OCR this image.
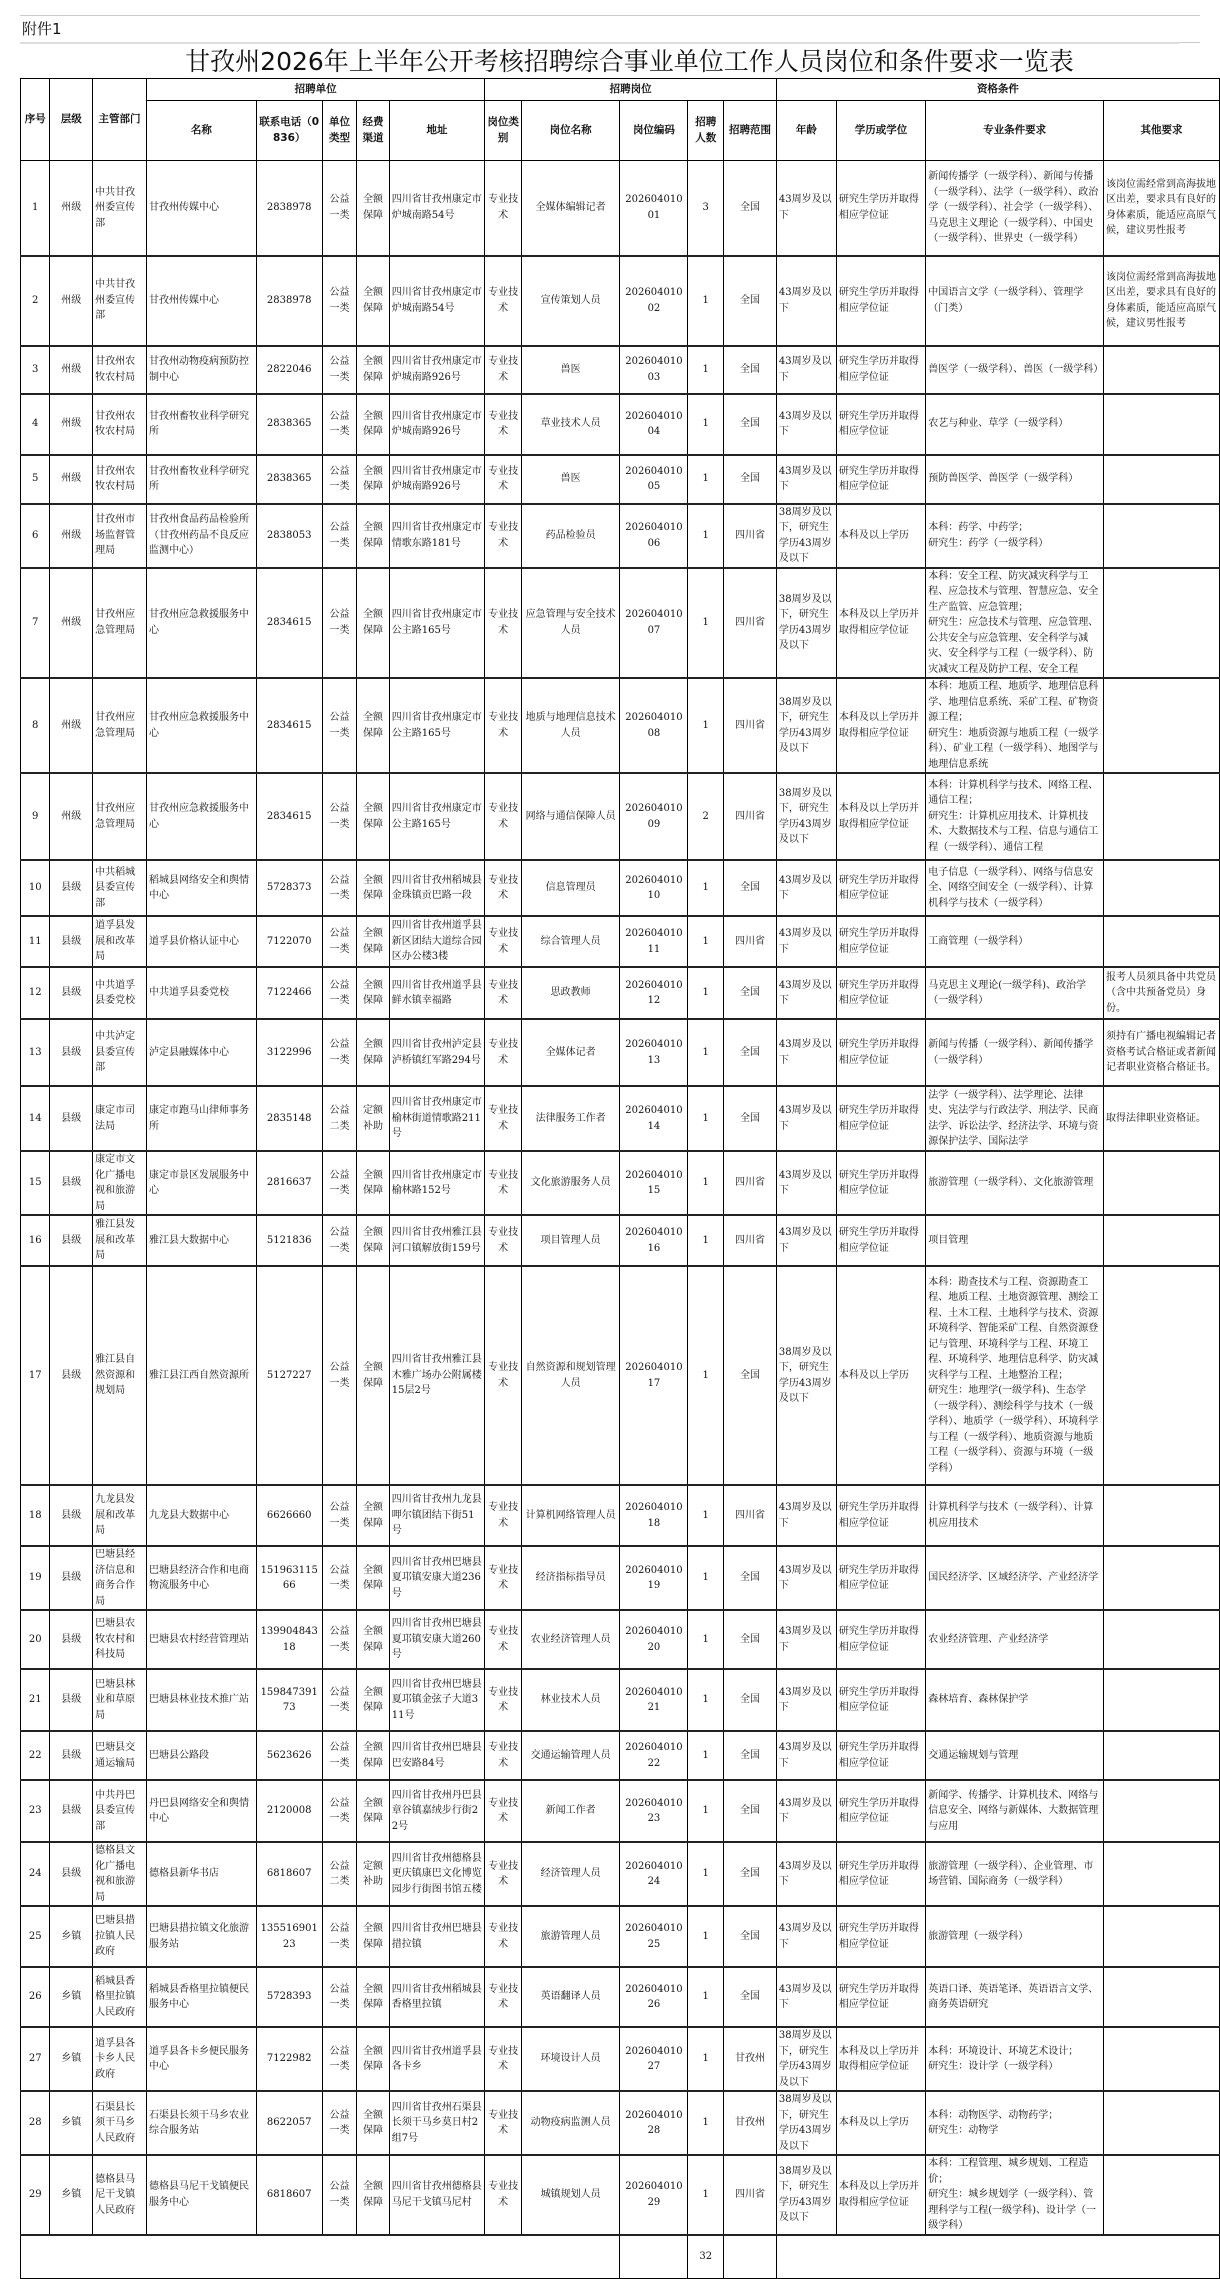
附件1
甘孜州2026年上半年公开考核招聘综合事业单位工作人员岗位和条件要求一览表
序号	层级	主管部门	招聘单位					招聘岗位					资格条件			
			名称	联系电话（0836）	单位类型	经费渠道	地址	岗位类别	岗位名称	岗位编码	招聘人数	招聘范围	年龄	学历或学位	专业条件要求	其他要求
1	州级	中共甘孜州委宣传部	甘孜州传媒中心	2838978	公益一类	全额保障	四川省甘孜州康定市炉城南路54号	专业技术	全媒体编辑记者	2026040​1001	3	全国	43周岁及以下	研究生学历并取得相应学位证	新闻传播学（一级学科）、新闻与传播（一级学科）、法学（一级学科）、政治学（一级学科）、社会学（一级学科）、马克思主义理论（一级学科）、中国史（一级学科）、世界史（一级学科）	该岗位需经常到高海拔地区出差，要求具有良好的身体素质，能适应高原气候，建议男性报考
2	州级	中共甘孜州委宣传部	甘孜州传媒中心	2838978	公益一类	全额保障	四川省甘孜州康定市炉城南路54号	专业技术	宣传策划人员	2026040​1002	1	全国	43周岁及以下	研究生学历并取得相应学位证	中国语言文学（一级学科）、管理学（门类）	该岗位需经常到高海拔地区出差，要求具有良好的身体素质，能适应高原气候，建议男性报考
3	州级	甘孜州农牧农村局	甘孜州动物疫病预防控制中心	2822046	公益一类	全额保障	四川省甘孜州康定市炉城南路926号	专业技术	兽医	2026040​1003	1	全国	43周岁及以下	研究生学历并取得相应学位证	兽医学（一级学科）、兽医（一级学科）	
4	州级	甘孜州农牧农村局	甘孜州畜牧业科学研究所	2838365	公益一类	全额保障	四川省甘孜州康定市炉城南路926号	专业技术	草业技术人员	2026040​1004	1	全国	43周岁及以下	研究生学历并取得相应学位证	农艺与种业、草学（一级学科）	
5	州级	甘孜州农牧农村局	甘孜州畜牧业科学研究所	2838365	公益一类	全额保障	四川省甘孜州康定市炉城南路926号	专业技术	兽医	2026040​1005	1	全国	43周岁及以下	研究生学历并取得相应学位证	预防兽医学、兽医学（一级学科）	
6	州级	甘孜州市场监督管理局	甘孜州食品药品检验所（甘孜州药品不良反应监测中心）	2838053	公益一类	全额保障	四川省甘孜州康定市情歌东路181号	专业技术	药品检验员	2026040​1006	1	四川省	38周岁及以下，研究生学历43周岁及以下	本科及以上学历	本科：药学、中药学；
研究生：药学（一级学科）	
7	州级	甘孜州应急管理局	甘孜州应急救援服务中心	2834615	公益一类	全额保障	四川省甘孜州康定市公主路165号	专业技术	应急管理与安全技术人员	2026040​1007	1	四川省	38周岁及以下，研究生学历43周岁及以下	本科及以上学历并取得相应学位证	本科：安全工程、防灾减灾科学与工程、应急技术与管理、智慧应急、安全生产监管、应急管理；
研究生：应急技术与管理、应急管理、公共安全与应急管理、安全科学与减灾、安全科学与工程（一级学科）、防灾减灾工程及防护工程、安全工程	
8	州级	甘孜州应急管理局	甘孜州应急救援服务中心	2834615	公益一类	全额保障	四川省甘孜州康定市公主路165号	专业技术	地质与地理信息技术人员	2026040​1008	1	四川省	38周岁及以下，研究生学历43周岁及以下	本科及以上学历并取得相应学位证	本科：地质工程、地质学、地理信息科学、地理信息系统、采矿工程、矿物资源工程；
研究生：地质资源与地质工程（一级学科）、矿业工程（一级学科）、地图学与地理信息系统	
9	州级	甘孜州应急管理局	甘孜州应急救援服务中心	2834615	公益一类	全额保障	四川省甘孜州康定市公主路165号	专业技术	网络与通信保障人员	2026040​1009	2	四川省	38周岁及以下，研究生学历43周岁及以下	本科及以上学历并取得相应学位证	本科：计算机科学与技术、网络工程、通信工程；
研究生：计算机应用技术、计算机技术、大数据技术与工程、信息与通信工程（一级学科）、通信工程	
10	县级	中共稻城县委宣传部	稻城县网络安全和舆情中心	5728373	公益一类	全额保障	四川省甘孜州稻城县金珠镇贡巴路一段	专业技术	信息管理员	2026040​1010	1	全国	43周岁及以下	研究生学历并取得相应学位证	电子信息（一级学科）、网络与信息安全、网络空间安全（一级学科）、计算机科学与技术（一级学科）	
11	县级	道孚县发展和改革局	道孚县价格认证中心	7122070	公益一类	全额保障	四川省甘孜州道孚县新区团结大道综合园区办公楼3楼	专业技术	综合管理人员	2026040​1011	1	四川省	43周岁及以下	研究生学历并取得相应学位证	工商管理（一级学科）	
12	县级	中共道孚县委党校	中共道孚县委党校	7122466	公益一类	全额保障	四川省甘孜州道孚县鲜水镇幸福路	专业技术	思政教师	2026040​1012	1	全国	43周岁及以下	研究生学历并取得相应学位证	马克思主义理论(一级学科)、政治学（一级学科）	报考人员须具备中共党员（含中共预备党员）身份。
13	县级	中共泸定县委宣传部	泸定县融媒体中心	3122996	公益一类	全额保障	四川省甘孜州泸定县泸桥镇红军路294号	专业技术	全媒体记者	2026040​1013	1	全国	43周岁及以下	研究生学历并取得相应学位证	新闻与传播（一级学科）、新闻传播学（一级学科）	须持有广播电视编辑记者资格考试合格证或者新闻记者职业资格合格证书。
14	县级	康定市司法局	康定市跑马山律师事务所	2835148	公益二类	定额补助	四川省甘孜州康定市榆林街道情歌路211号	专业技术	法律服务工作者	2026040​1014	1	全国	43周岁及以下	研究生学历并取得相应学位证	法学（一级学科）、法学理论、法律史、宪法学与行政法学、刑法学、民商法学、诉讼法学、经济法学、环境与资源保护法学、国际法学	取得法律职业资格证。
15	县级	康定市文化广播电视和旅游局	康定市景区发展服务中心	2816637	公益一类	全额保障	四川省甘孜州康定市榆林路152号	专业技术	文化旅游服务人员	2026040​1015	1	四川省	43周岁及以下	研究生学历并取得相应学位证	旅游管理（一级学科）、文化旅游管理	
16	县级	雅江县发展和改革局	雅江县大数据中心	5121836	公益一类	全额保障	四川省甘孜州雅江县河口镇解放街159号	专业技术	项目管理人员	2026040​1016	1	四川省	43周岁及以下	研究生学历并取得相应学位证	项目管理	
17	县级	雅江县自然资源和规划局	雅江县江西自然资源所	5127227	公益一类	全额保障	四川省甘孜州雅江县木雅广场办公附属楼15层2号	专业技术	自然资源和规划管理人员	2026040​1017	1	全国	38周岁及以下，研究生学历43周岁及以下	本科及以上学历	本科：勘查技术与工程、资源勘查工程、地质工程、土地资源管理、测绘工程、土木工程、土地科学与技术、资源环境科学、智能采矿工程、自然资源登记与管理、环境科学与工程、环境工程、环境科学、地理信息科学、防灾减灾科学与工程、土地整治工程；
研究生：地理学(一级学科)、生态学（一级学科）、测绘科学与技术（一级学科）、地质学（一级学科）、环境科学与工程（一级学科）、地质资源与地质工程（一级学科）、资源与环境（一级学科）	
18	县级	九龙县发展和改革局	九龙县大数据中心	6626660	公益一类	全额保障	四川省甘孜州九龙县呷尔镇团结下街51号	专业技术	计算机网络管理人员	2026040​1018	1	四川省	43周岁及以下	研究生学历并取得相应学位证	计算机科学与技术（一级学科）、计算机应用技术	
19	县级	巴塘县经济信息和商务合作局	巴塘县经济合作和电商物流服务中心	15196311566	公益一类	全额保障	四川省甘孜州巴塘县夏邛镇安康大道236号	专业技术	经济指标指导员	2026040​1019	1	全国	43周岁及以下	研究生学历并取得相应学位证	国民经济学、区域经济学、产业经济学	
20	县级	巴塘县农牧农村和科技局	巴塘县农村经营管理站	13990484318	公益一类	全额保障	四川省甘孜州巴塘县夏邛镇安康大道260号	专业技术	农业经济管理人员	2026040​1020	1	全国	43周岁及以下	研究生学历并取得相应学位证	农业经济管理、产业经济学	
21	县级	巴塘县林业和草原局	巴塘县林业技术推广站	15984739173	公益一类	全额保障	四川省甘孜州巴塘县夏邛镇金弦子大道311号	专业技术	林业技术人员	2026040​1021	1	全国	43周岁及以下	研究生学历并取得相应学位证	森林培育、森林保护学	
22	县级	巴塘县交通运输局	巴塘县公路段	5623626	公益一类	全额保障	四川省甘孜州巴塘县巴安路84号	专业技术	交通运输管理人员	2026040​1022	1	全国	43周岁及以下	研究生学历并取得相应学位证	交通运输规划与管理	
23	县级	中共丹巴县委宣传部	丹巴县网络安全和舆情中心	2120008	公益一类	全额保障	四川省甘孜州丹巴县章谷镇嘉绒步行街22号	专业技术	新闻工作者	2026040​1023	1	全国	43周岁及以下	研究生学历并取得相应学位证	新闻学、传播学、计算机技术、网络与信息安全、网络与新媒体、大数据管理与应用	
24	县级	德格县文化广播电视和旅游局	德格县新华书店	6818607	公益二类	定额补助	四川省甘孜州德格县更庆镇康巴文化博览园步行街图书馆五楼	专业技术	经济管理人员	2026040​1024	1	全国	43周岁及以下	研究生学历并取得相应学位证	旅游管理（一级学科）、企业管理、市场营销、国际商务（一级学科）	
25	乡镇	巴塘县措拉镇人民政府	巴塘县措拉镇文化旅游服务站	13551690123	公益一类	全额保障	四川省甘孜州巴塘县措拉镇	专业技术	旅游管理人员	2026040​1025	1	全国	43周岁及以下	研究生学历并取得相应学位证	旅游管理（一级学科）	
26	乡镇	稻城县香格里拉镇人民政府	稻城县香格里拉镇便民服务中心	5728393	公益一类	全额保障	四川省甘孜州稻城县香格里拉镇	专业技术	英语翻译人员	2026040​1026	1	全国	43周岁及以下	研究生学历并取得相应学位证	英语口译、英语笔译、英语语言文学、商务英语研究	
27	乡镇	道孚县各卡乡人民政府	道孚县各卡乡便民服务中心	7122982	公益一类	全额保障	四川省甘孜州道孚县各卡乡	专业技术	环境设计人员	2026040​1027	1	甘孜州	38周岁及以下，研究生学历43周岁及以下	本科及以上学历并取得相应学位证	本科：环境设计、环境艺术设计；
研究生：设计学（一级学科）	
28	乡镇	石渠县长须干马乡人民政府	石渠县长须干马乡农业综合服务站	8622057	公益一类	全额保障	四川省甘孜州石渠县长须干马乡莫日村2组7号	专业技术	动物疫病监测人员	2026040​1028	1	甘孜州	38周岁及以下，研究生学历43周岁及以下	本科及以上学历	本科：动物医学、动物药学；
研究生：动物学	
29	乡镇	德格县马尼干戈镇人民政府	德格县马尼干戈镇便民服务中心	6818607	公益一类	全额保障	四川省甘孜州德格县马尼干戈镇马尼村	专业技术	城镇规划人员	2026040​1029	1	四川省	38周岁及以下，研究生学历43周岁及以下	本科及以上学历并取得相应学位证	本科：工程管理、城乡规划、工程造价；
研究生：城乡规划学（一级学科）、管理科学与工程(一级学科)、设计学（一级学科）	
											32					
